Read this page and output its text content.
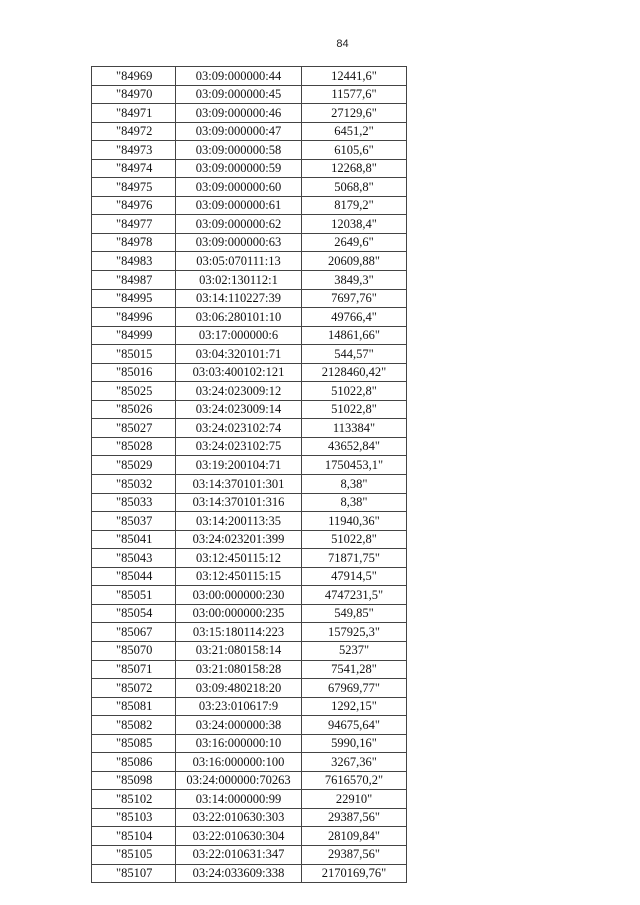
84
"84969	03:09:000000:44	12441,6"
"84970	03:09:000000:45	11577,6"
"84971	03:09:000000:46	27129,6"
"84972	03:09:000000:47	6451,2"
"84973	03:09:000000:58	6105,6"
"84974	03:09:000000:59	12268,8"
"84975	03:09:000000:60	5068,8"
"84976	03:09:000000:61	8179,2"
"84977	03:09:000000:62	12038,4"
"84978	03:09:000000:63	2649,6"
"84983	03:05:070111:13	20609,88"
"84987	03:02:130112:1	3849,3"
"84995	03:14:110227:39	7697,76"
"84996	03:06:280101:10	49766,4"
"84999	03:17:000000:6	14861,66"
"85015	03:04:320101:71	544,57"
"85016	03:03:400102:121	2128460,42"
"85025	03:24:023009:12	51022,8"
"85026	03:24:023009:14	51022,8"
"85027	03:24:023102:74	113384"
"85028	03:24:023102:75	43652,84"
"85029	03:19:200104:71	1750453,1"
"85032	03:14:370101:301	8,38"
"85033	03:14:370101:316	8,38"
"85037	03:14:200113:35	11940,36"
"85041	03:24:023201:399	51022,8"
"85043	03:12:450115:12	71871,75"
"85044	03:12:450115:15	47914,5"
"85051	03:00:000000:230	4747231,5"
"85054	03:00:000000:235	549,85"
"85067	03:15:180114:223	157925,3"
"85070	03:21:080158:14	5237"
"85071	03:21:080158:28	7541,28"
"85072	03:09:480218:20	67969,77"
"85081	03:23:010617:9	1292,15"
"85082	03:24:000000:38	94675,64"
"85085	03:16:000000:10	5990,16"
"85086	03:16:000000:100	3267,36"
"85098	03:24:000000:70263	7616570,2"
"85102	03:14:000000:99	22910"
"85103	03:22:010630:303	29387,56"
"85104	03:22:010630:304	28109,84"
"85105	03:22:010631:347	29387,56"
"85107	03:24:033609:338	2170169,76"
